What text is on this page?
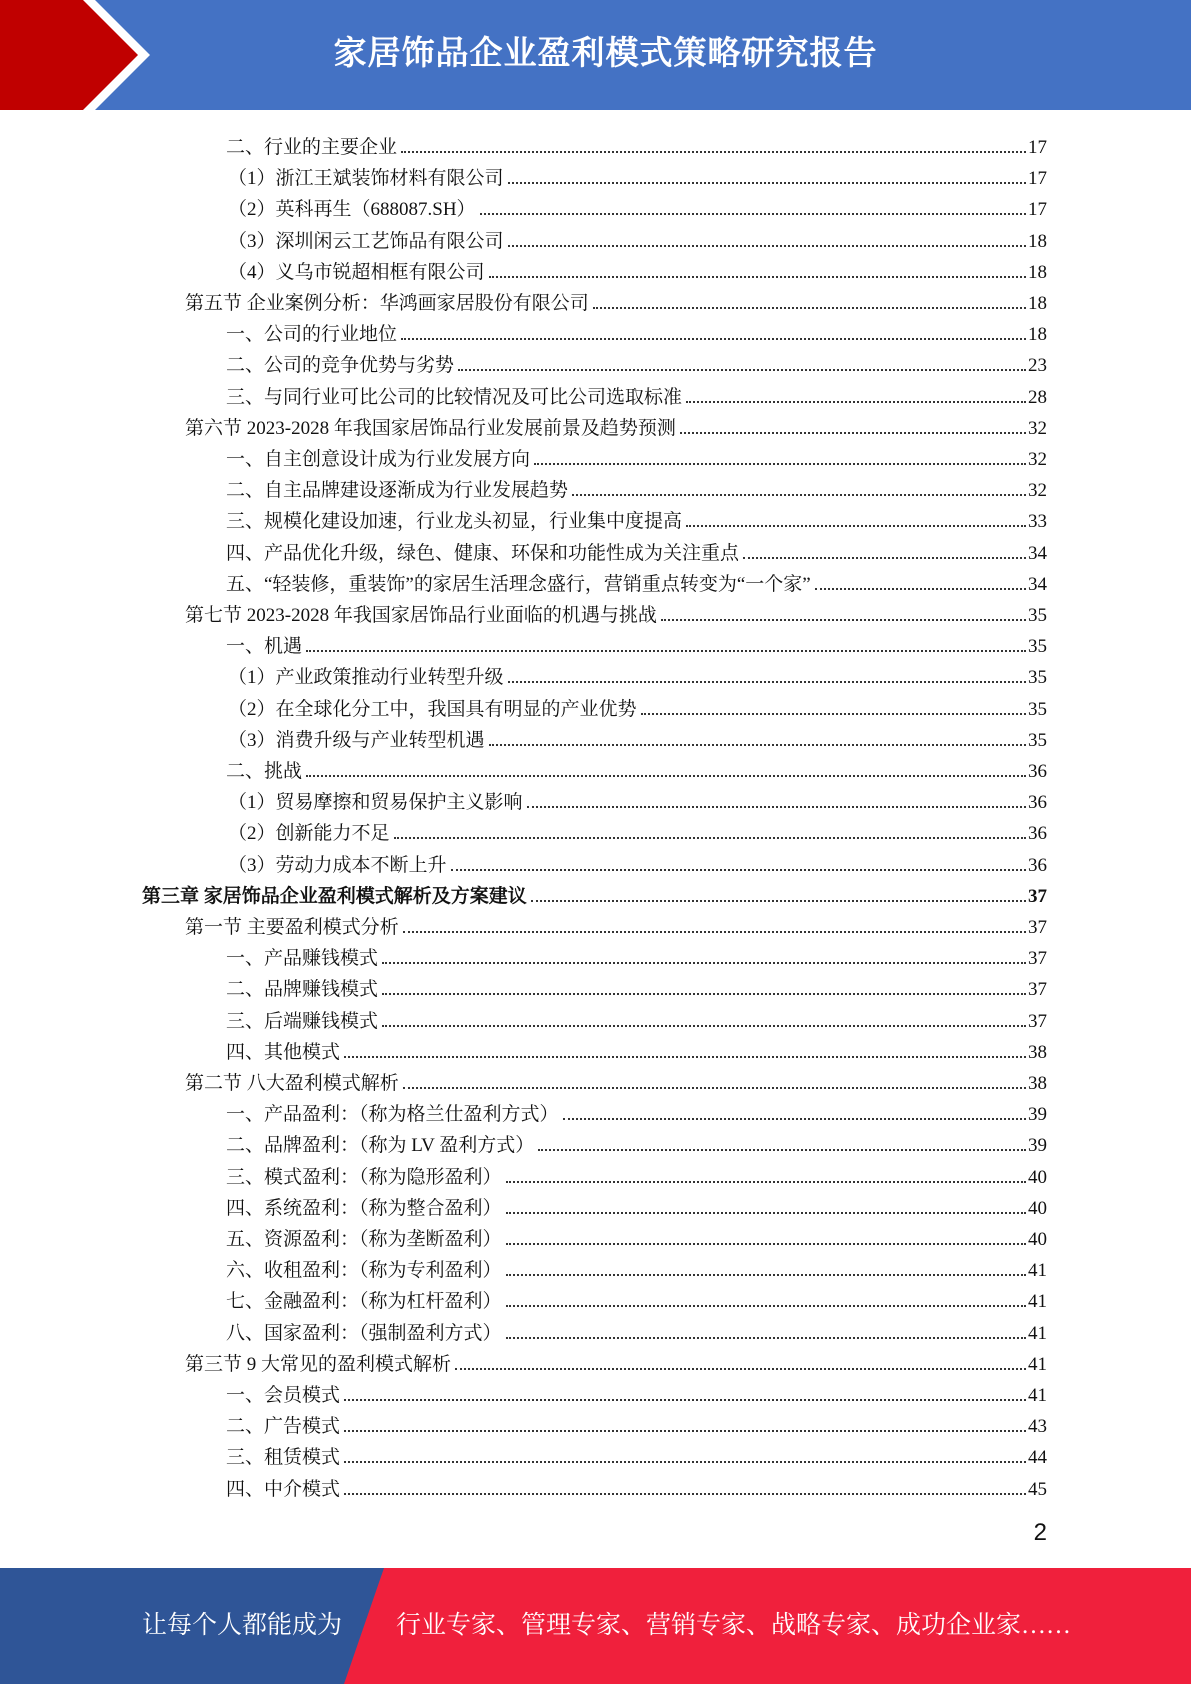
家居饰品企业盈利模式策略研究报告
二、行业的主要企业	17
（1）浙江王斌装饰材料有限公司	17
（2）英科再生（688087.SH）	17
（3）深圳闲云工艺饰品有限公司	18
（4）义乌市锐超相框有限公司	18
第五节 企业案例分析：华鸿画家居股份有限公司	18
一、公司的行业地位	18
二、公司的竞争优势与劣势	23
三、与同行业可比公司的比较情况及可比公司选取标准	28
第六节 2023-2028 年我国家居饰品行业发展前景及趋势预测	32
一、自主创意设计成为行业发展方向	32
二、自主品牌建设逐渐成为行业发展趋势	32
三、规模化建设加速，行业龙头初显，行业集中度提高	33
四、产品优化升级，绿色、健康、环保和功能性成为关注重点	34
五、“轻装修，重装饰”的家居生活理念盛行，营销重点转变为“一个家”	34
第七节 2023-2028 年我国家居饰品行业面临的机遇与挑战	35
一、机遇	35
（1）产业政策推动行业转型升级	35
（2）在全球化分工中，我国具有明显的产业优势	35
（3）消费升级与产业转型机遇	35
二、挑战	36
（1）贸易摩擦和贸易保护主义影响	36
（2）创新能力不足	36
（3）劳动力成本不断上升	36
第三章 家居饰品企业盈利模式解析及方案建议	37
第一节 主要盈利模式分析	37
一、产品赚钱模式	37
二、品牌赚钱模式	37
三、后端赚钱模式	37
四、其他模式	38
第二节 八大盈利模式解析	38
一、产品盈利：（称为格兰仕盈利方式）	39
二、品牌盈利：（称为 LV 盈利方式）	39
三、模式盈利：（称为隐形盈利）	40
四、系统盈利：（称为整合盈利）	40
五、资源盈利：（称为垄断盈利）	40
六、收租盈利：（称为专利盈利）	41
七、金融盈利：（称为杠杆盈利）	41
八、国家盈利：（强制盈利方式）	41
第三节 9 大常见的盈利模式解析	41
一、会员模式	41
二、广告模式	43
三、租赁模式	44
四、中介模式	45
2
让每个人都能成为 行业专家、管理专家、营销专家、战略专家、成功企业家……
